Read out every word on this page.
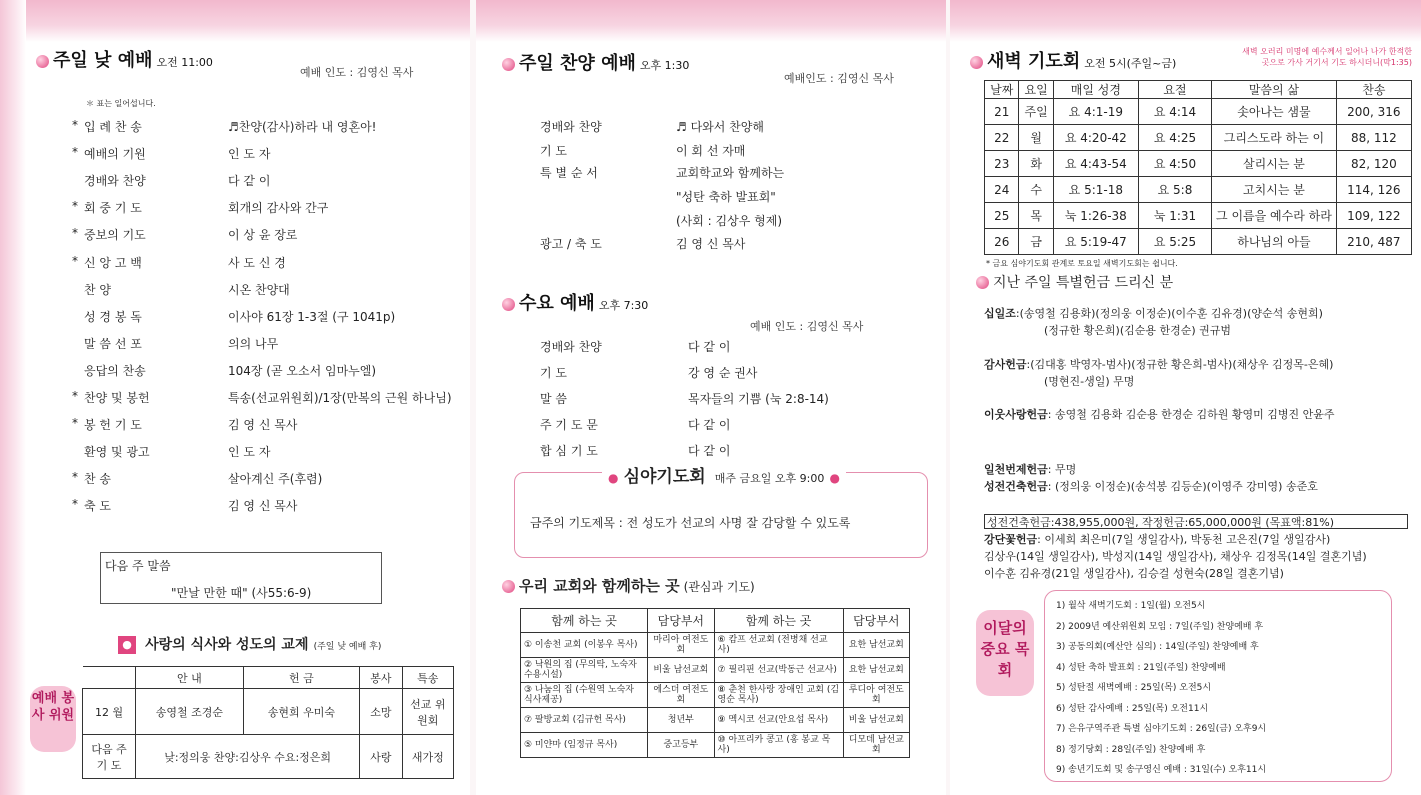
주일 낮 예배 오전 11:00
예배 인도 : 김영신 목사
＊ 표는 일어섭니다.
* 입 례 찬 송	♬찬양(감사)하라 내 영혼아!
* 예배의 기원	인 도 자
경배와 찬양	다 같 이
* 회 중 기 도	회개의 감사와 간구
* 중보의 기도	이 상 윤 장로
* 신 앙 고 백	사 도 신 경
찬 양	시온 찬양대
성 경 봉 독	이사야 61장 1-3절 (구 1041p)
말 씀 선 포	의의 나무
응답의 찬송	104장 (곧 오소서 임마누엘)
* 찬양 및 봉헌	특송(선교위원회)/1장(만복의 근원 하나님)
* 봉 헌 기 도	김 영 신 목사
환영 및 광고	인 도 자
* 찬 송	살아계신 주(후렴)
* 축 도	김 영 신 목사
다음 주 말씀
"만날 만한 때" (사55:6-9)
● 사랑의 식사와 성도의 교제 (주일 낮 예배 후)
예배 봉사 위원
	안 내	헌 금	봉사	특송
12 월	송영철 조경순	송현희 우미숙	소망	선교 위원회
다음 주 기 도	낮:정의웅 찬양:김상우 수요:정은희		사랑	새가정
주일 찬양 예배 오후 1:30
예배인도 : 김영신 목사
경배와 찬양	♬ 다와서 찬양해
기 도	이 회 선 자매
특 별 순 서	교회학교와 함께하는
"성탄 축하 발표회"
(사회 : 김상우 형제)
광고 / 축 도	김 영 신 목사
수요 예배 오후 7:30
예배 인도 : 김영신 목사
경배와 찬양	다 같 이
기 도	강 영 순 권사
말 씀	목자들의 기쁨 (눅 2:8-14)
주 기 도 문	다 같 이
합 심 기 도	다 같 이
● 심야기도회 매주 금요일 오후 9:00 ●
금주의 기도제목 : 전 성도가 선교의 사명 잘 감당할 수 있도록
우리 교회와 함께하는 곳 (관심과 기도)
함께 하는 곳	담당부서	함께 하는 곳	담당부서
① 이송천 교회 (이봉우 목사)	마리아 여전도회	⑥ 캄프 선교회 (전병채 선교사)	요한 남선교회
② 낙원의 집 (무의탁, 노숙자 수용시설)	비울 남선교회	⑦ 필리핀 선교(박동근 선교사)	요한 남선교회
③ 나눔의 집 (수원역 노숙자 식사제공)	에스더 여전도회	⑧ 춘천 한사랑 장애인 교회 (김영순 목사)	루디아 여전도회
⑦ 팔방교회 (김규헌 목사)	청년부	⑨ 멕시코 선교(안요섭 목사)	비울 남선교회
⑤ 미얀마 (임정규 목사)	중고등부	⑩ 아프리카 콩고 (홍 봉교 목사)	디모데 남선교회
새벽 기도회 오전 5시(주일~금)
새벽 오러리 미명에 예수께서 일어나 나가 한적한 곳으로 가사 거기서 기도 하시더니(막1:35)
날짜	요일	매일 성경	요절	말씀의 삶	찬송
21	주일	요 4:1-19	요 4:14	솟아나는 샘물	200, 316
22	월	요 4:20-42	요 4:25	그리스도라 하는 이	88, 112
23	화	요 4:43-54	요 4:50	살리시는 분	82, 120
24	수	요 5:1-18	요 5:8	고치시는 분	114, 126
25	목	눅 1:26-38	눅 1:31	그 이름을 예수라 하라	109, 122
26	금	요 5:19-47	요 5:25	하나님의 아들	210, 487
* 금요 심야기도회 관계로 토요일 새벽기도회는 쉽니다.
지난 주일 특별헌금 드리신 분
십일조:(송영철 김용화)(정의웅 이정순)(이수훈 김유경)(양순석 송현희)
(정규한 황은희)(김순용 한경순) 권규범
감사헌금:(김대홍 박영자-범사)(정규한 황은희-범사)(채상우 김정목-은혜)
(명현진-생일) 무명
이웃사랑헌금: 송영철 김용화 김순용 한경순 김하원 황영미 김병진 안윤주
일천번제헌금: 무명
성전건축헌금: (정의웅 이정순)(송석봉 김등순)(이영주 강미영) 송준호
성전건축헌금:438,955,000원, 작정헌금:65,000,000원 (목표액:81%)
강단꽃헌금: 이세희 최은미(7일 생일감사), 박동천 고은진(7일 생일감사)
김상우(14일 생일감사), 박성지(14일 생일감사), 채상우 김정목(14일 결혼기념)
이수훈 김유경(21일 생일감사), 김승걸 성현숙(28일 결혼기념)
이달의 중요 목회
1) 월삭 새벽기도회 : 1일(월) 오전5시
2) 2009년 예산위원회 모임 : 7일(주일) 찬양예배 후
3) 공동의회(예산안 심의) : 14일(주일) 찬양예배 후
4) 성탄 축하 발표회 : 21일(주일) 찬양예배
5) 성탄절 새벽예배 : 25일(목) 오전5시
6) 성탄 감사예배 : 25일(목) 오전11시
7) 은유구역주관 특별 심야기도회 : 26일(금) 오후9시
8) 정기당회 : 28일(주일) 찬양예배 후
9) 송년기도회 및 송구영신 예배 : 31일(수) 오후11시
